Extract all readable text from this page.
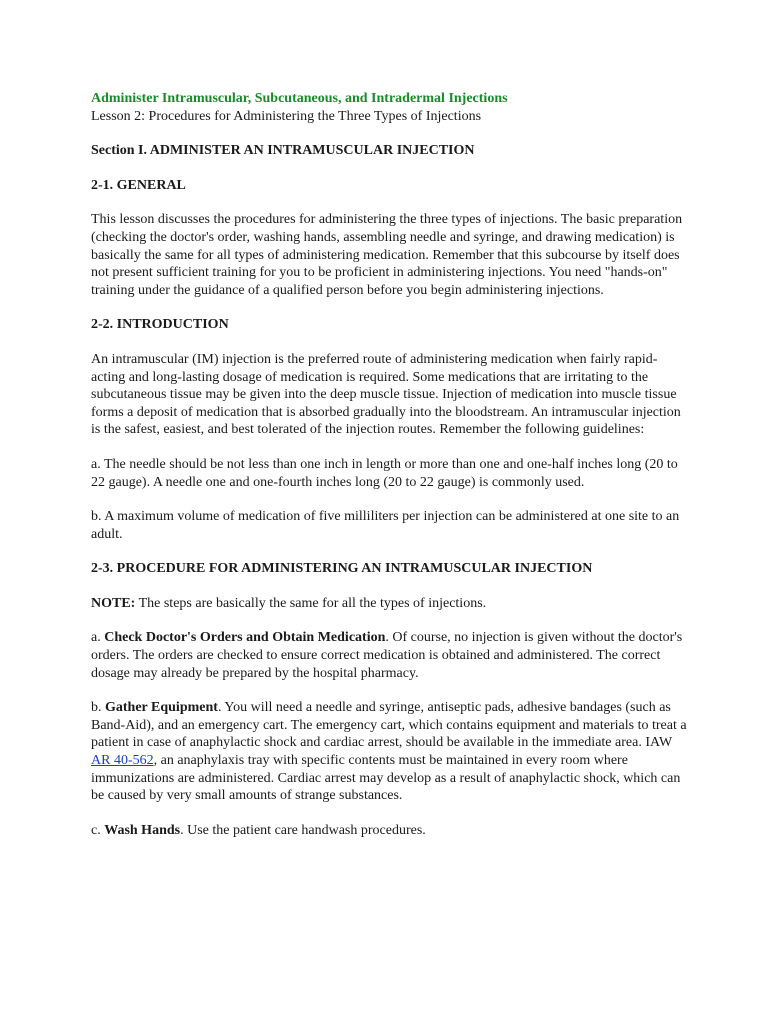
Administer Intramuscular, Subcutaneous, and Intradermal Injections
Lesson 2: Procedures for Administering the Three Types of Injections
Section I. ADMINISTER AN INTRAMUSCULAR INJECTION
2-1. GENERAL

This lesson discusses the procedures for administering the three types of injections. The basic preparation (checking the doctor's order, washing hands, assembling needle and syringe, and drawing medication) is basically the same for all types of administering medication. Remember that this subcourse by itself does not present sufficient training for you to be proficient in administering injections. You need "hands-on" training under the guidance of a qualified person before you begin administering injections.

2-2. INTRODUCTION

An intramuscular (IM) injection is the preferred route of administering medication when fairly rapid-acting and long-lasting dosage of medication is required. Some medications that are irritating to the subcutaneous tissue may be given into the deep muscle tissue. Injection of medication into muscle tissue forms a deposit of medication that is absorbed gradually into the bloodstream. An intramuscular injection is the safest, easiest, and best tolerated of the injection routes. Remember the following guidelines:

a. The needle should be not less than one inch in length or more than one and one-half inches long (20 to 22 gauge). A needle one and one-fourth inches long (20 to 22 gauge) is commonly used.

b. A maximum volume of medication of five milliliters per injection can be administered at one site to an adult.

2-3. PROCEDURE FOR ADMINISTERING AN INTRAMUSCULAR INJECTION

NOTE: The steps are basically the same for all the types of injections.

a. Check Doctor's Orders and Obtain Medication. Of course, no injection is given without the doctor's orders. The orders are checked to ensure correct medication is obtained and administered. The correct dosage may already be prepared by the hospital pharmacy.

b. Gather Equipment. You will need a needle and syringe, antiseptic pads, adhesive bandages (such as Band-Aid), and an emergency cart. The emergency cart, which contains equipment and materials to treat a patient in case of anaphylactic shock and cardiac arrest, should be available in the immediate area. IAW AR 40-562, an anaphylaxis tray with specific contents must be maintained in every room where immunizations are administered. Cardiac arrest may develop as a result of anaphylactic shock, which can be caused by very small amounts of strange substances.

c. Wash Hands. Use the patient care handwash procedures.
